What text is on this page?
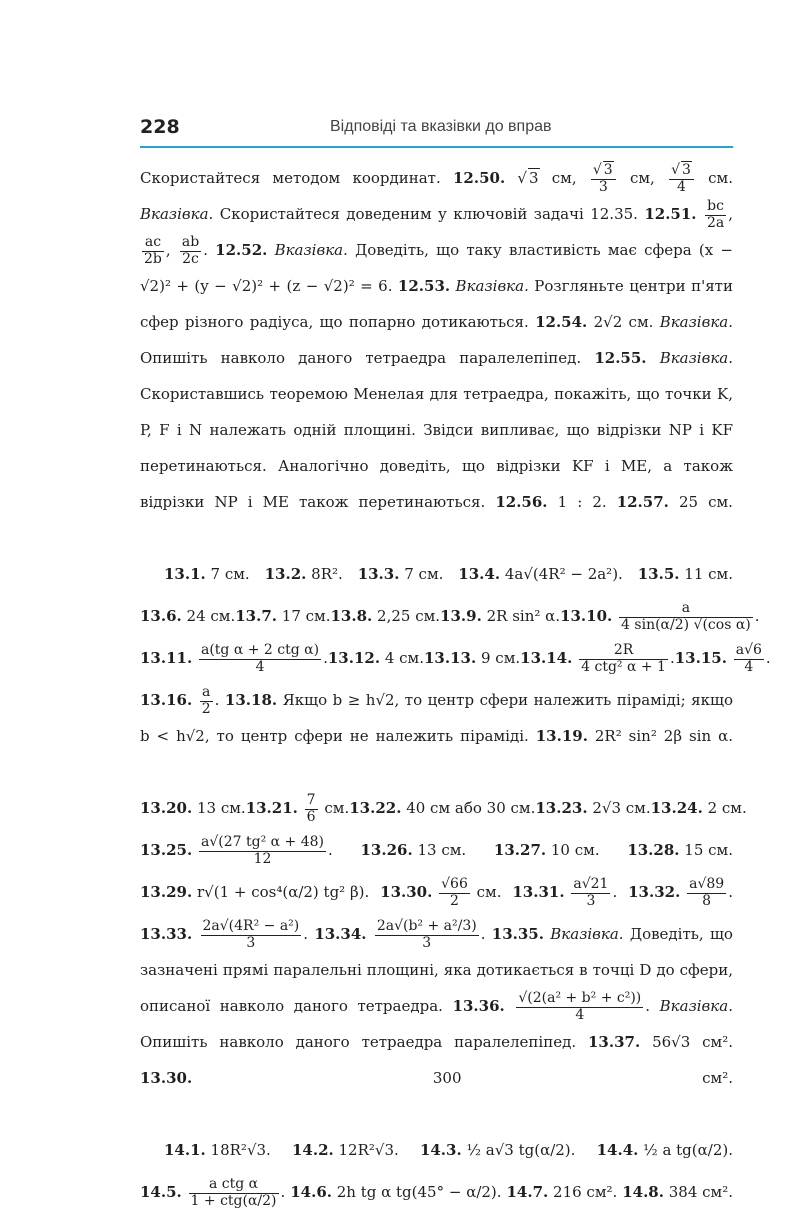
228	Відповіді та вказівки до вправ
Скористайтеся методом координат. 12.50. √ 3 см, $\frac{√ 3}{3}$ см, $\frac{√ 3}{4}$ см. Вказівка. Скористайтеся доведеним у ключовій задачі 12.35. 12.51. $\frac{bc}{2a}$ ,
$\frac{ac}{2b}$ , $\frac{ab}{2c}$ . 12.52. Вказівка. Доведіть, що таку властивість має сфера (x − √2)² + (y − √2)² + (z − √2)² = 6. 12.53. Вказівка. Розгляньте центри п'яти сфер різного радіуса, що попарно дотикаються. 12.54. 2√2 см. Вказівка. Опишіть навколо даного тетраедра паралелепіпед. 12.55. Вказівка. Скориставшись теоремою Менелая для тетраедра, покажіть, що точки K, P, F і N належать одній площині. Звідси випливає, що відрізки NP і KF перетинаються. Аналогічно доведіть, що відрізки KF і ME, а також відрізки NP і ME також перетинаються. 12.56. 1 : 2. 12.57. 25 см.
13.1. 7 см. 13.2. 8R². 13.3. 7 см. 13.4. 4a√(4R² − 2a²). 13.5. 11 см.
13.6. 24 см. 13.7. 17 см. 13.8. 2,25 см. 13.9. 2R sin² α. 13.10. $\frac{a}{\text{4 sin(α/2) √(cos α)}}$ .
13.11. $\frac{\text{a(tg α + 2 ctg α)}}{4}$ . 13.12. 4 см. 13.13. 9 см. 13.14. $\frac{2R}{\text{4 ctg² α + 1}}$ . 13.15. $\frac{a√6}{4}$ .
13.16. $\frac{a}{2}$ . 13.18. Якщо b ≥ h√2, то центр сфери належить піраміді; якщо b < h√2, то центр сфери не належить піраміді. 13.19. 2R² sin² 2β sin α.
13.20. 13 см. 13.21. $\frac{7}{6}$ см. 13.22. 40 см або 30 см. 13.23. 2√3 см. 13.24. 2 см.
13.25. $\frac{\text{a√(27 tg² α + 48)}}{12}$ . 13.26. 13 см. 13.27. 10 см. 13.28. 15 см.
13.29. r√(1 + cos⁴(α/2) tg² β). 13.30. $\frac{√66}{2}$ см. 13.31. $\frac{a√21}{3}$ . 13.32. $\frac{a√89}{8}$ .
13.33. $\frac{\text{2a√(4R² − a²)}}{3}$ . 13.34. $\frac{\text{2a√(b² + a²/3)}}{3}$ . 13.35. Вказівка. Доведіть, що зазначені прямі паралельні площині, яка дотикається в точці D до сфери, описаної навколо даного тетраедра. 13.36. $\frac{\text{√(2(a² + b² + c²))}}{4}$ . Вказівка. Опишіть навколо даного тетраедра паралелепіпед. 13.37. 56√3 см². 13.30.	300 см².
14.1. 18R²√3. 14.2. 12R²√3. 14.3. ½ a√3 tg(α/2). 14.4. ½ a tg(α/2).
14.5. $\frac{\text{a ctg α}}{\text{1 + ctg(α/2)}}$ . 14.6. 2h tg α tg(45° − α/2). 14.7. 216 см². 14.8. 384 см².
